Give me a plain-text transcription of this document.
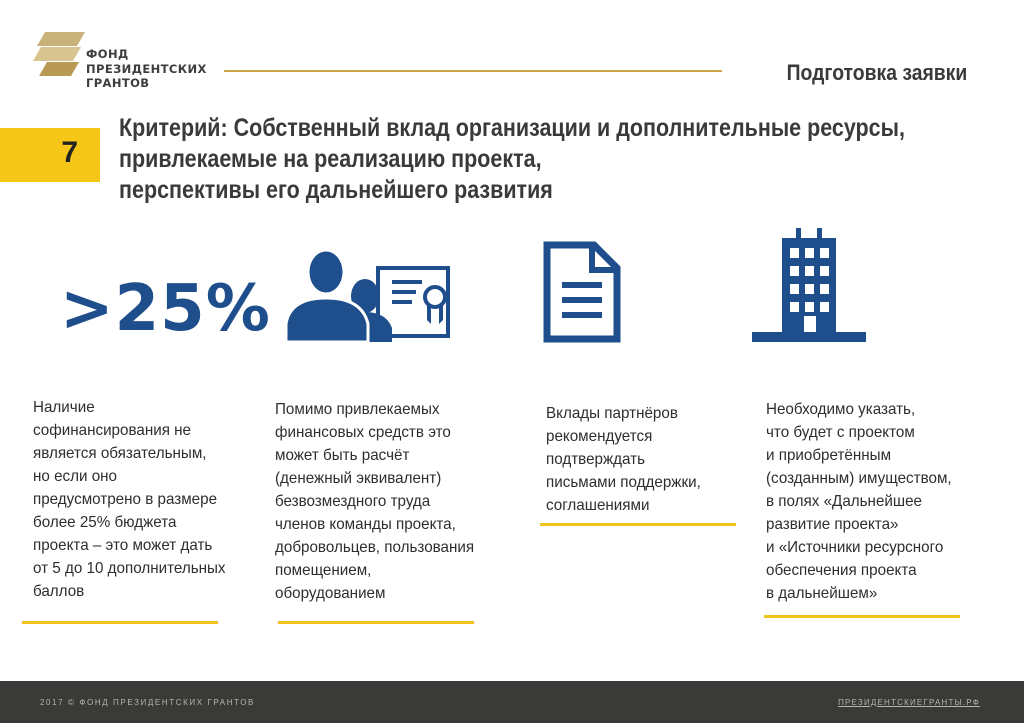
ФОНД
ПРЕЗИДЕНТСКИХ
ГРАНТОВ	Подготовка заявки
7
Критерий: Собственный вклад организации и дополнительные ресурсы,
привлекаемые на реализацию проекта,
перспективы его дальнейшего развития
>25%
Наличие
софинансирования не
является обязательным,
но если оно
предусмотрено в размере
более 25% бюджета
проекта – это может дать
от 5 до 10 дополнительных
баллов
Помимо привлекаемых
финансовых средств это
может быть расчёт
(денежный эквивалент)
безвозмездного труда
членов команды проекта,
добровольцев, пользования
помещением,
оборудованием
Вклады партнёров
рекомендуется
подтверждать
письмами поддержки,
соглашениями
Необходимо указать,
что будет с проектом
и приобретённым
(созданным) имуществом,
в полях «Дальнейшее
развитие проекта»
и «Источники ресурсного
обеспечения проекта
в дальнейшем»
2017 © ФОНД ПРЕЗИДЕНТСКИХ ГРАНТОВ	ПРЕЗИДЕНТСКИЕГРАНТЫ.РФ
